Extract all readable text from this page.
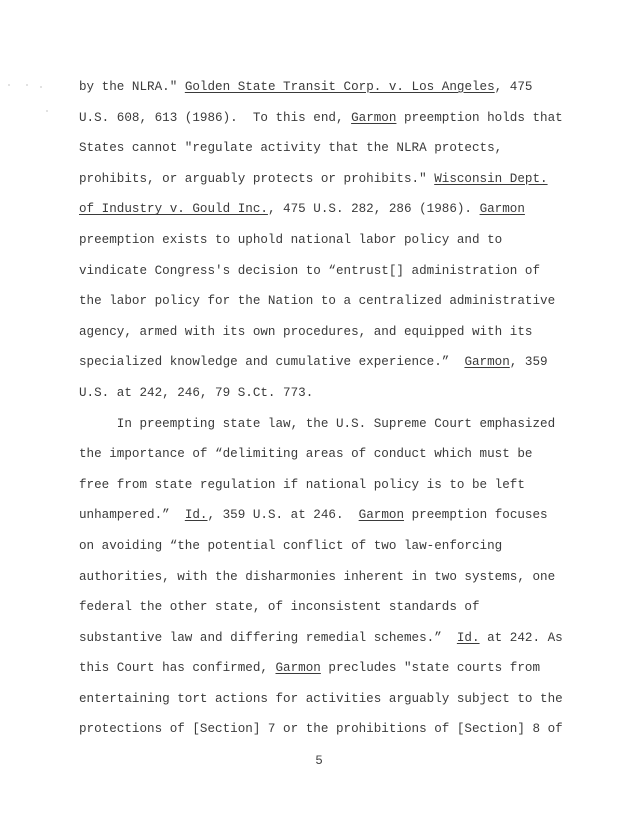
by the NLRA." Golden State Transit Corp. v. Los Angeles, 475
U.S. 608, 613 (1986).  To this end, Garmon preemption holds that
States cannot "regulate activity that the NLRA protects,
prohibits, or arguably protects or prohibits." Wisconsin Dept.
of Industry v. Gould Inc., 475 U.S. 282, 286 (1986). Garmon
preemption exists to uphold national labor policy and to
vindicate Congress's decision to “entrust[] administration of
the labor policy for the Nation to a centralized administrative
agency, armed with its own procedures, and equipped with its
specialized knowledge and cumulative experience.”  Garmon, 359
U.S. at 242, 246, 79 S.Ct. 773.
In preempting state law, the U.S. Supreme Court emphasized
the importance of “delimiting areas of conduct which must be
free from state regulation if national policy is to be left
unhampered.”  Id., 359 U.S. at 246.  Garmon preemption focuses
on avoiding “the potential conflict of two law-enforcing
authorities, with the disharmonies inherent in two systems, one
federal the other state, of inconsistent standards of
substantive law and differing remedial schemes.”  Id. at 242. As
this Court has confirmed, Garmon precludes "state courts from
entertaining tort actions for activities arguably subject to the
protections of [Section] 7 or the prohibitions of [Section] 8 of
5
